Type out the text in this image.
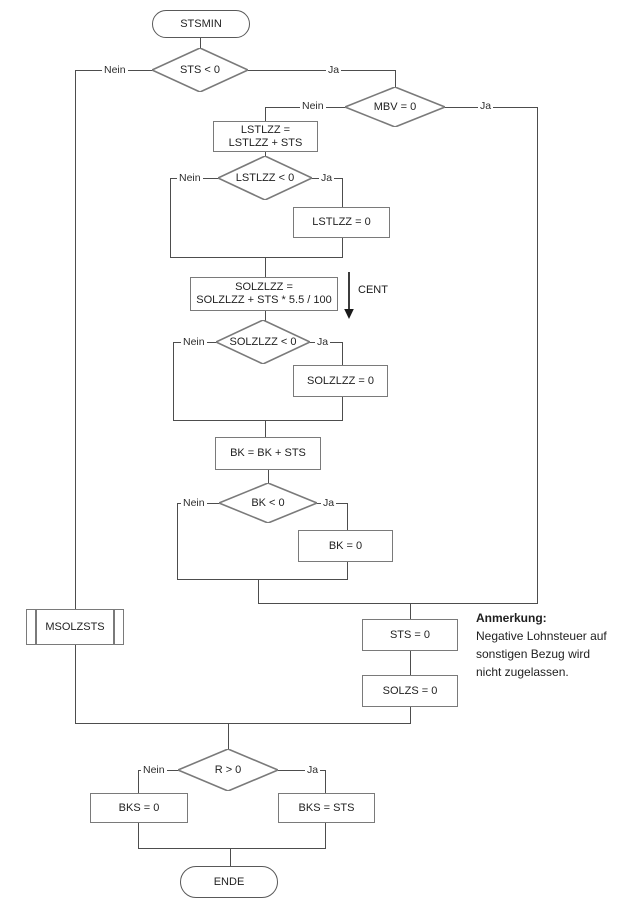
STSMIN
ENDE
STS < 0
MBV = 0
LSTLZZ < 0
SOLZLZZ < 0
BK < 0
R > 0
LSTLZZ =
LSTLZZ + STS
LSTLZZ = 0
SOLZLZZ =
SOLZLZZ + STS * 5.5 / 100
SOLZLZZ = 0
BK = BK + STS
BK = 0
MSOLZSTS
STS = 0
SOLZS = 0
BKS = 0	BKS = STS
Nein	Ja
Nein	Ja
Nein	Ja
Nein	Ja
Nein	Ja
Nein	Ja
CENT
Anmerkung:
Negative Lohnsteuer auf
sonstigen Bezug wird
nicht zugelassen.
